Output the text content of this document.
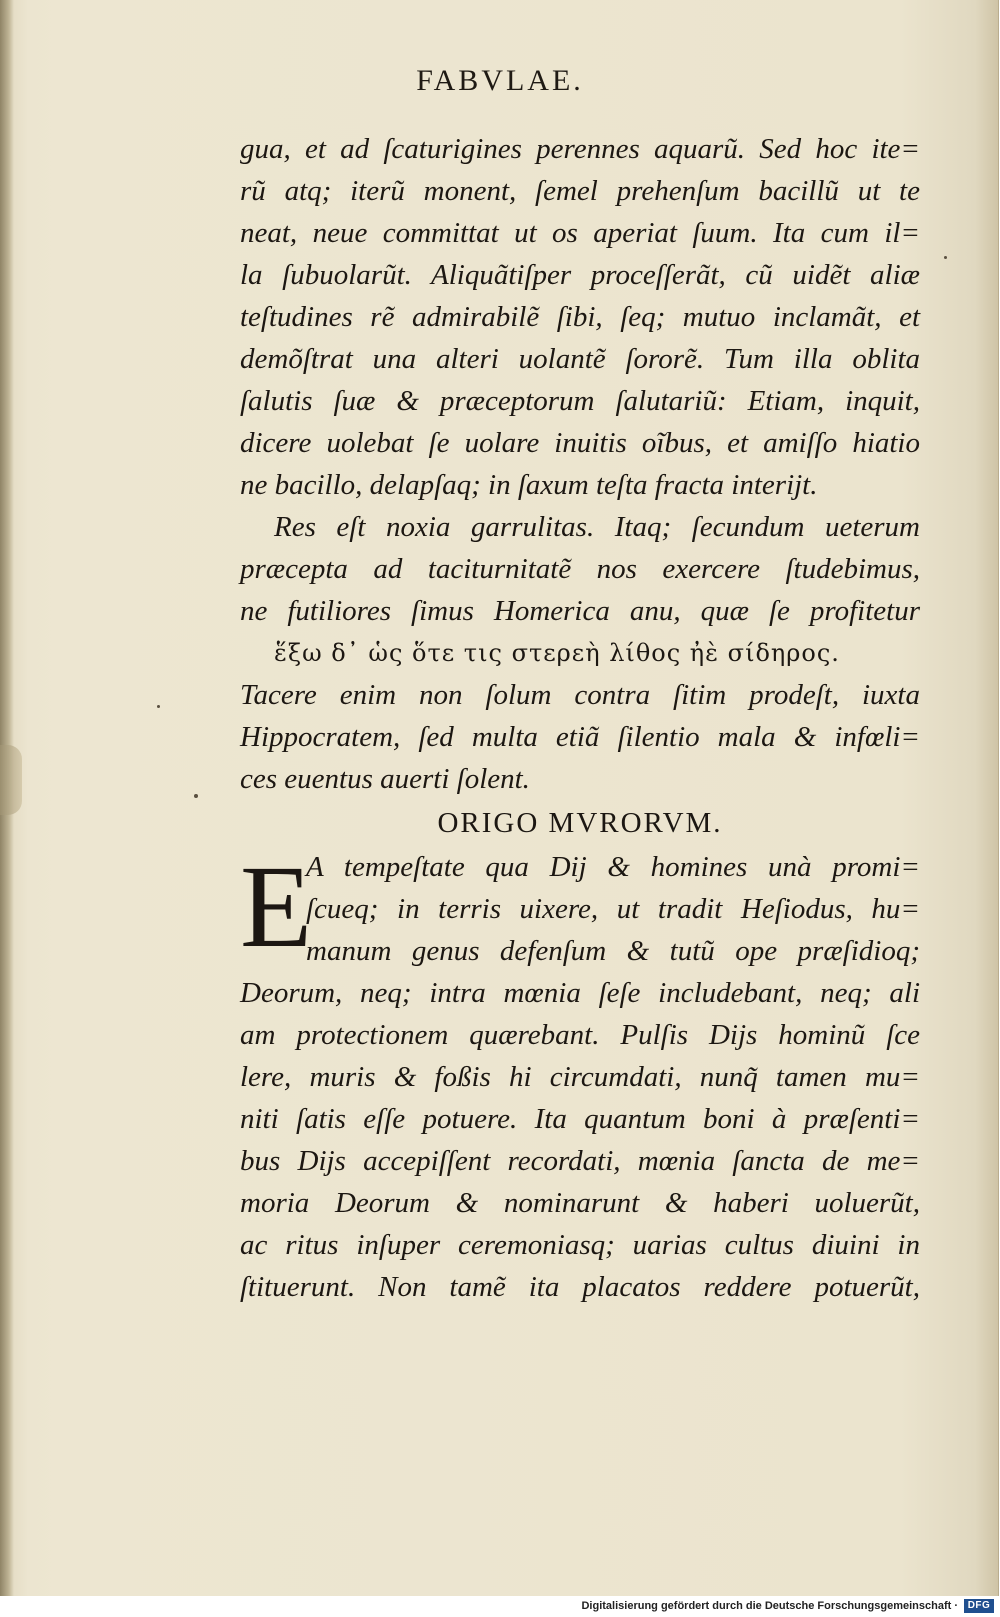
FABVLAE.
gua, et ad ſcaturigines perennes aquarũ. Sed hoc ite=
rũ atq; iterũ monent, ſemel prehenſum bacillũ ut te
neat, neue committat ut os aperiat ſuum. Ita cum il=
la ſubuolarũt. Aliquãtiſper proceſſerãt, cũ uidẽt aliæ
teſtudines rẽ admirabilẽ ſibi, ſeq; mutuo inclamãt, et
demõſtrat una alteri uolantẽ ſororẽ. Tum illa oblita
ſalutis ſuæ & præceptorum ſalutariũ: Etiam, inquit,
dicere uolebat ſe uolare inuitis oĩbus, et amiſſo hiatio
ne bacillo, delapſaq; in ſaxum teſta fracta interijt.
Res eſt noxia garrulitas. Itaq; ſecundum ueterum
præcepta ad taciturnitatẽ nos exercere ſtudebimus,
ne futiliores ſimus Homerica anu, quæ ſe profitetur
ἕξω δ᾽ ὡς ὅτε τις στερεὴ λίθος ἠὲ σίδηρος.
Tacere enim non ſolum contra ſitim prodeſt, iuxta
Hippocratem, ſed multa etiã ſilentio mala & infœli=
ces euentus auerti ſolent.
ORIGO MVRORVM.
E
A tempeſtate qua Dij & homines unà promi=
ſcueq; in terris uixere, ut tradit Heſiodus, hu=
manum genus defenſum & tutũ ope præſidioq;
Deorum, neq; intra mœnia ſeſe includebant, neq; ali
am protectionem quærebant. Pulſis Dijs hominũ ſce
lere, muris & foßis hi circumdati, nunq̃ tamen mu=
niti ſatis eſſe potuere. Ita quantum boni à præſenti=
bus Dijs accepiſſent recordati, mœnia ſancta de me=
moria Deorum & nominarunt & haberi uoluerũt,
ac ritus inſuper ceremoniasq; uarias cultus diuini in
ſtituerunt. Non tamẽ ita placatos reddere potuerũt,
Digitalisierung gefördert durch die Deutsche Forschungsgemeinschaft · DFG
